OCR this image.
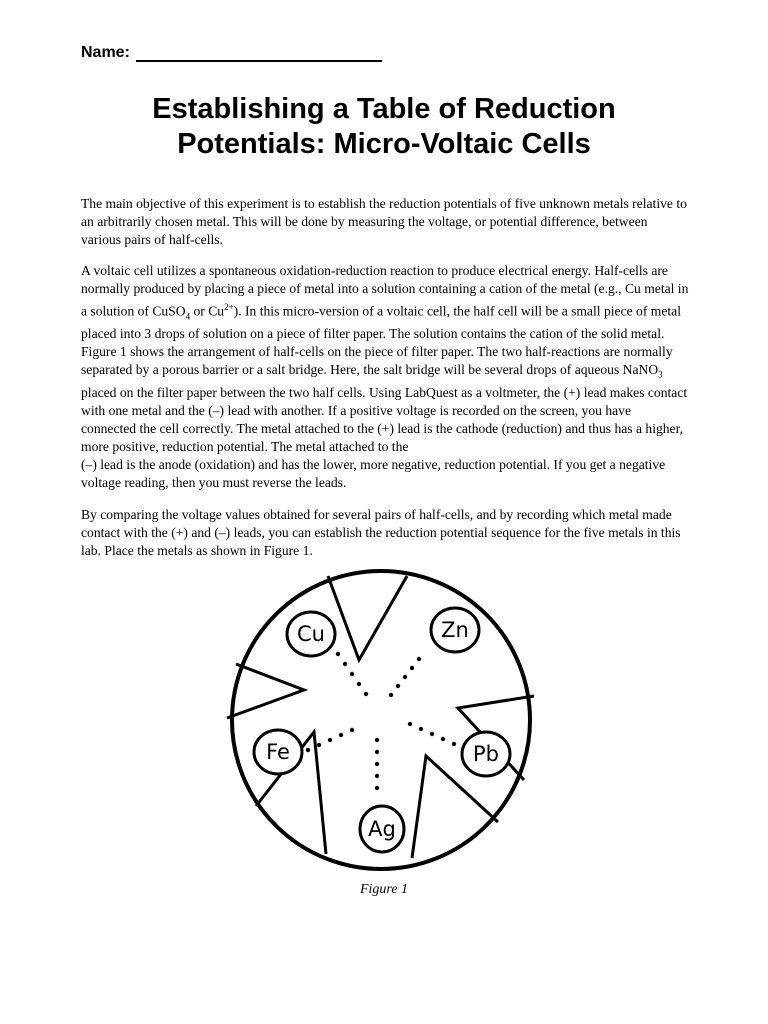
Name:
Establishing a Table of Reduction
Potentials: Micro-Voltaic Cells

The main objective of this experiment is to establish the reduction potentials of five unknown metals relative to an arbitrarily chosen metal. This will be done by measuring the voltage, or potential difference, between various pairs of half-cells.

A voltaic cell utilizes a spontaneous oxidation-reduction reaction to produce electrical energy. Half-cells are normally produced by placing a piece of metal into a solution containing a cation of the metal (e.g., Cu metal in a solution of CuSO$_4$ or $Cu^{2+}$). In this micro-version of a voltaic cell, the half cell will be a small piece of metal placed into 3 drops of solution on a piece of filter paper. The solution contains the cation of the solid metal. Figure 1 shows the arrangement of half-cells on the piece of filter paper. The two half-reactions are normally separated by a porous barrier or a salt bridge. Here, the salt bridge will be several drops of aqueous NaNO$_3$ placed on the filter paper between the two half cells. Using LabQuest as a voltmeter, the (+) lead makes contact with one metal and the (–) lead with another. If a positive voltage is recorded on the screen, you have connected the cell correctly. The metal attached to the (+) lead is the cathode (reduction) and thus has a higher, more positive, reduction potential. The metal attached to the
(–) lead is the anode (oxidation) and has the lower, more negative, reduction potential. If you get a negative voltage reading, then you must reverse the leads.

By comparing the voltage values obtained for several pairs of half-cells, and by recording which metal made contact with the (+) and (–) leads, you can establish the reduction potential sequence for the five metals in this lab. Place the metals as shown in Figure 1.

Cu	Zn
Fe	Pb
Ag
Figure 1
